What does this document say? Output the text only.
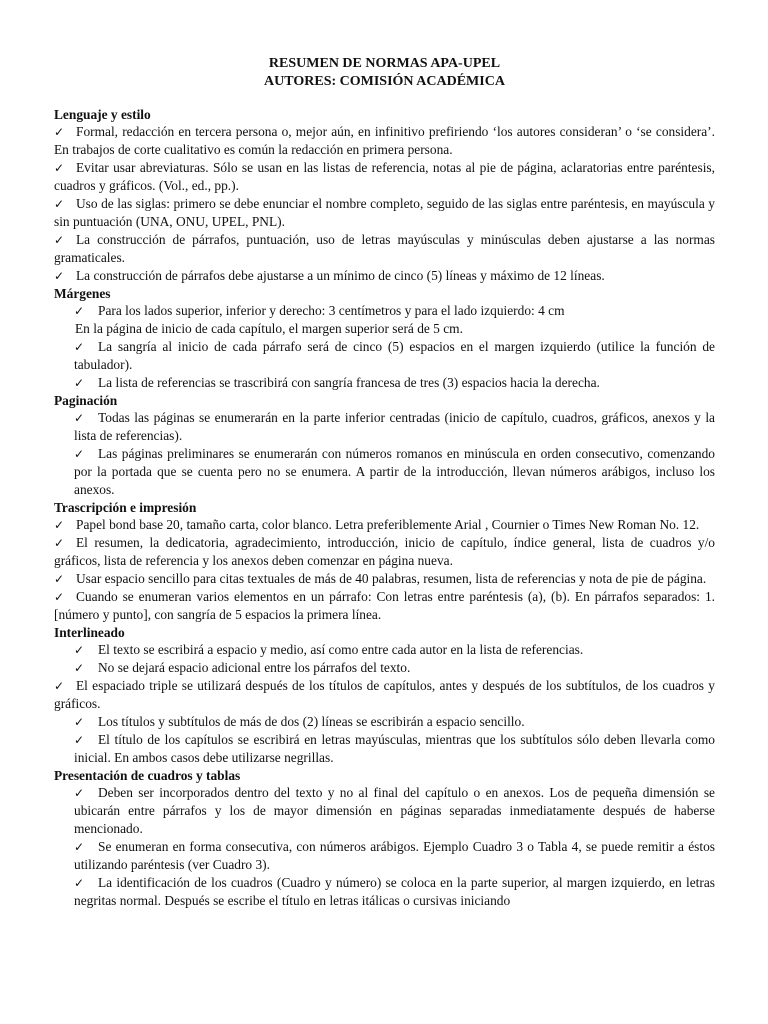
RESUMEN DE NORMAS APA-UPEL
AUTORES: COMISIÓN ACADÉMICA
Lenguaje y estilo
✓Formal, redacción en tercera persona o, mejor aún, en infinitivo prefiriendo ‘los autores consideran’ o ‘se considera’. En trabajos de corte cualitativo es común la redacción en primera persona.
✓Evitar usar abreviaturas. Sólo se usan en las listas de referencia, notas al pie de página, aclaratorias entre paréntesis, cuadros y gráficos. (Vol., ed., pp.).
✓Uso de las siglas: primero se debe enunciar el nombre completo, seguido de las siglas entre paréntesis, en mayúscula y sin puntuación (UNA, ONU, UPEL, PNL).
✓La construcción de párrafos, puntuación, uso de letras mayúsculas y minúsculas deben ajustarse a las normas gramaticales.
✓La construcción de párrafos debe ajustarse a un mínimo de cinco (5) líneas y máximo de 12 líneas.
Márgenes
✓Para los lados superior, inferior y derecho: 3 centímetros y para el lado izquierdo: 4 cm
En la página de inicio de cada capítulo, el margen superior será de 5 cm.
✓La sangría al inicio de cada párrafo será de cinco (5) espacios en el margen izquierdo (utilice la función de tabulador).
✓La lista de referencias se trascribirá con sangría francesa de tres (3) espacios hacia la derecha.
Paginación
✓Todas las páginas se enumerarán en la parte inferior centradas (inicio de capítulo, cuadros, gráficos, anexos y la lista de referencias).
✓Las páginas preliminares se enumerarán con números romanos en minúscula en orden consecutivo, comenzando por la portada que se cuenta pero no se enumera. A partir de la introducción, llevan números arábigos, incluso los anexos.
Trascripción e impresión
✓Papel bond base 20, tamaño carta, color blanco. Letra preferiblemente Arial , Cournier o Times New Roman No. 12.
✓El resumen, la dedicatoria, agradecimiento, introducción, inicio de capítulo, índice general, lista de cuadros y/o gráficos, lista de referencia y los anexos deben comenzar en página nueva.
✓Usar espacio sencillo para citas textuales de más de 40 palabras, resumen, lista de referencias y nota de pie de página.
✓Cuando se enumeran varios elementos en un párrafo: Con letras entre paréntesis (a), (b). En párrafos separados: 1. [número y punto], con sangría de 5 espacios la primera línea.
Interlineado
✓El texto se escribirá a espacio y medio, así como entre cada autor en la lista de referencias.
✓No se dejará espacio adicional entre los párrafos del texto.
✓El espaciado triple se utilizará después de los títulos de capítulos, antes y después de los subtítulos, de los cuadros y gráficos.
✓Los títulos y subtítulos de más de dos (2) líneas se escribirán a espacio sencillo.
✓El título de los capítulos se escribirá en letras mayúsculas, mientras que los subtítulos sólo deben llevarla como inicial. En ambos casos debe utilizarse negrillas.
Presentación de cuadros y tablas
✓Deben ser incorporados dentro del texto y no al final del capítulo o en anexos. Los de pequeña dimensión se ubicarán entre párrafos y los de mayor dimensión en páginas separadas inmediatamente después de haberse mencionado.
✓Se enumeran en forma consecutiva, con números arábigos. Ejemplo Cuadro 3 o Tabla 4, se puede remitir a éstos utilizando paréntesis (ver Cuadro 3).
✓La identificación de los cuadros (Cuadro y número) se coloca en la parte superior, al margen izquierdo, en letras negritas normal. Después se escribe el título en letras itálicas o cursivas iniciando
